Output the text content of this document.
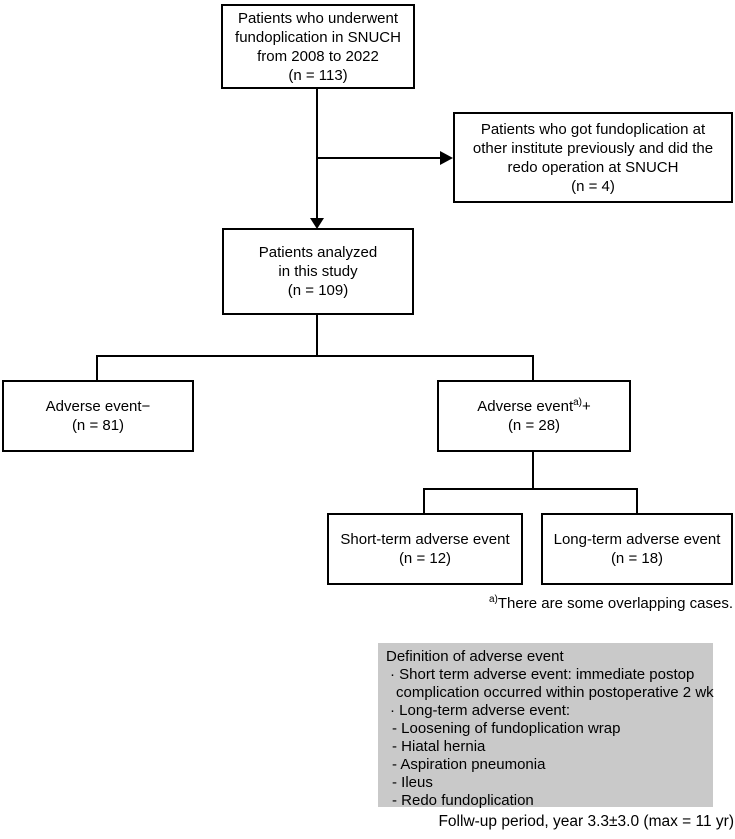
Patients who underwent
fundoplication in SNUCH
from 2008 to 2022
(n = 113)
Patients who got fundoplication at
other institute previously and did the
redo operation at SNUCH
(n = 4)
Patients analyzed
in this study
(n = 109)
Adverse event−
(n = 81)
Adverse event$^{a)}$+
(n = 28)
Short-term adverse event
(n = 12)
Long-term adverse event
(n = 18)
$^{a)}$There are some overlapping cases.
Definition of adverse event
· Short term adverse event: immediate postop
complication occurred within postoperative 2 wk
· Long-term adverse event:
- Loosening of fundoplication wrap
- Hiatal hernia
- Aspiration pneumonia
- Ileus
- Redo fundoplication
Follw-up period, year 3.3±3.0 (max = 11 yr)
